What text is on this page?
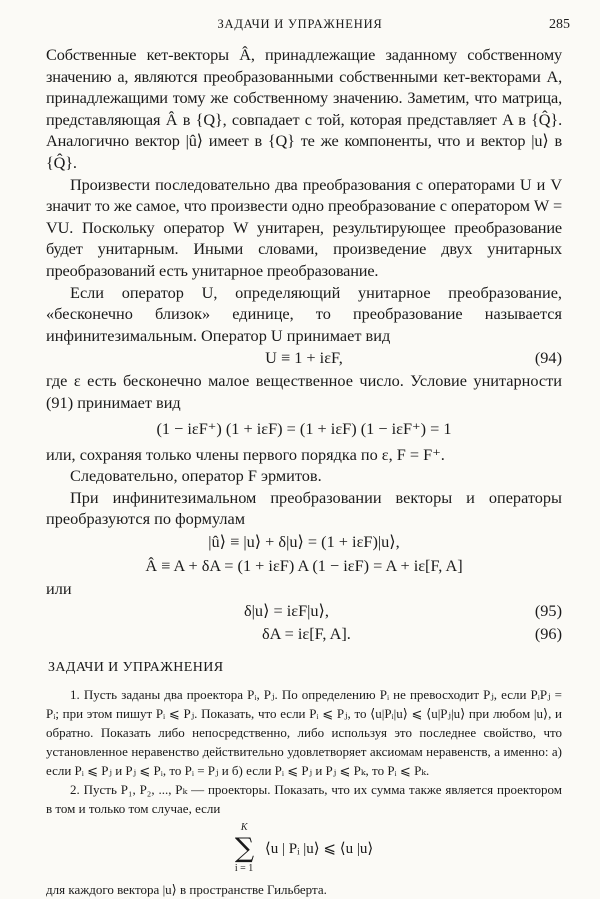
ЗАДАЧИ И УПРАЖНЕНИЯ	285

Собственные кет-векторы Â, принадлежащие заданному собственному значению a, являются преобразованными собственными кет-векторами A, принадлежащими тому же собственному значению. Заметим, что матрица, представляющая Â в {Q}, совпадает с той, которая представляет A в {Q̂}. Аналогично вектор |û⟩ имеет в {Q} те же компоненты, что и вектор |u⟩ в {Q̂}.

Произвести последовательно два преобразования с операторами U и V значит то же самое, что произвести одно преобразование с оператором W = VU. Поскольку оператор W унитарен, результирующее преобразование будет унитарным. Иными словами, произведение двух унитарных преобразований есть унитарное преобразование.

Если оператор U, определяющий унитарное преобразование, «бесконечно близок» единице, то преобразование называется инфинитезимальным. Оператор U принимает вид

U ≡ 1 + iεF,	(94)

где ε есть бесконечно малое вещественное число. Условие унитарности (91) принимает вид

(1 − iεF⁺) (1 + iεF) = (1 + iεF) (1 − iεF⁺) = 1

или, сохраняя только члены первого порядка по ε, F = F⁺.

Следовательно, оператор F эрмитов.

При инфинитезимальном преобразовании векторы и операторы преобразуются по формулам

|û⟩ ≡ |u⟩ + δ|u⟩ = (1 + iεF)|u⟩,
Â ≡ A + δA = (1 + iεF) A (1 − iεF) = A + iε[F, A]

или

δ|u⟩ = iεF|u⟩,	(95)
δA = iε[F, A].	(96)
ЗАДАЧИ И УПРАЖНЕНИЯ

1. Пусть заданы два проектора Pᵢ, Pⱼ. По определению Pᵢ не превосходит Pⱼ, если PᵢPⱼ = Pᵢ; при этом пишут Pᵢ ⩽ Pⱼ. Показать, что если Pᵢ ⩽ Pⱼ, то ⟨u|Pᵢ|u⟩ ⩽ ⟨u|Pⱼ|u⟩ при любом |u⟩, и обратно. Показать либо непосредственно, либо используя это последнее свойство, что установленное неравенство действительно удовлетворяет аксиомам неравенств, а именно: а) если Pᵢ ⩽ Pⱼ и Pⱼ ⩽ Pᵢ, то Pᵢ = Pⱼ и б) если Pᵢ ⩽ Pⱼ и Pⱼ ⩽ Pₖ, то Pᵢ ⩽ Pₖ.

2. Пусть P₁, P₂, ..., Pₖ — проекторы. Показать, что их сумма также является проектором в том и только том случае, если

K
∑
i = 1
⟨u | Pᵢ |u⟩ ⩽ ⟨u |u⟩

для каждого вектора |u⟩ в пространстве Гильберта.
